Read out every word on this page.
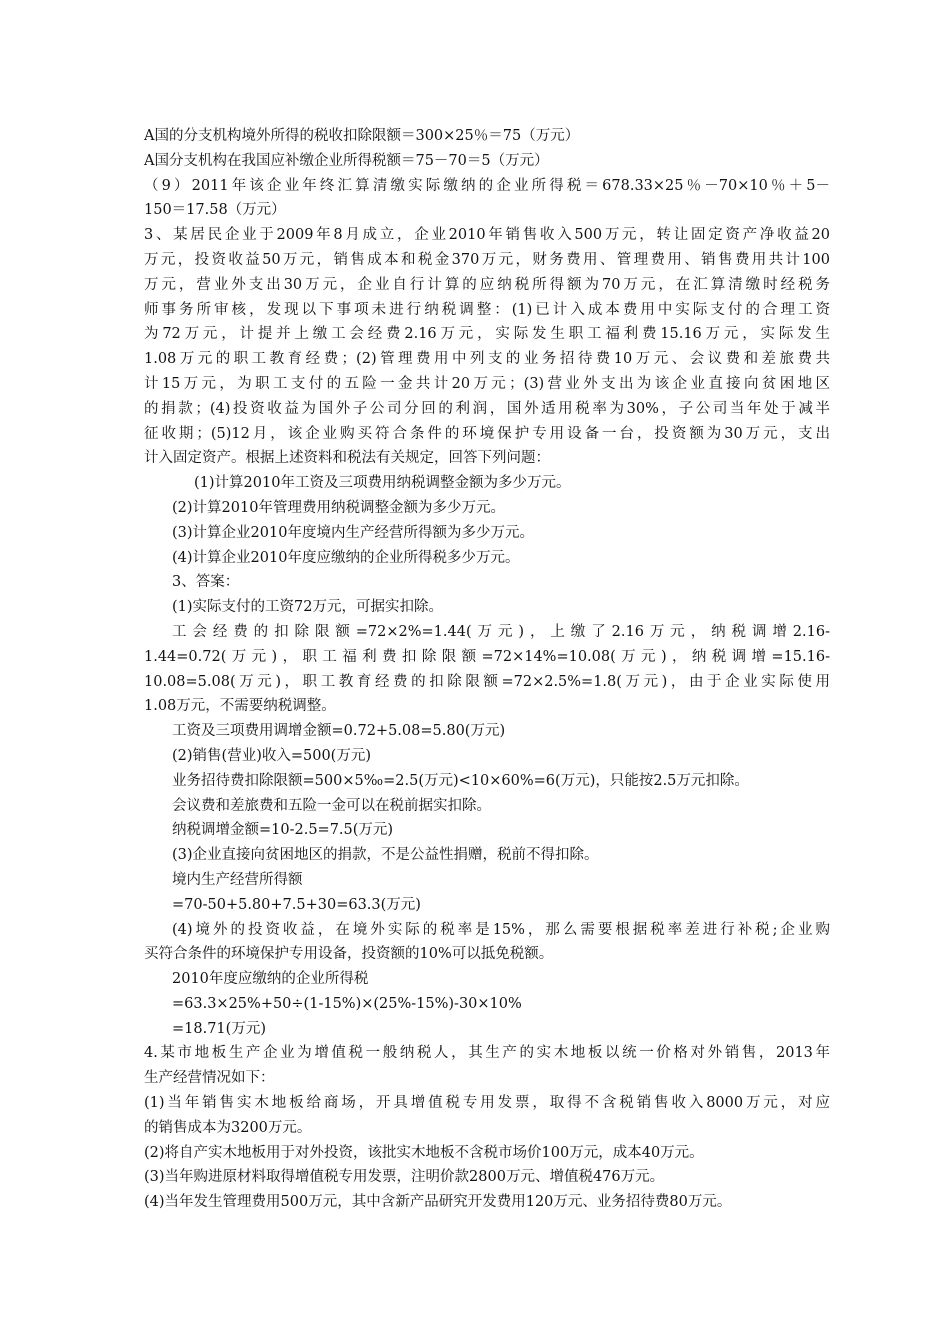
A国的分支机构境外所得的税收扣除限额＝300×25％＝75（万元）
A国分支机构在我国应补缴企业所得税额＝75－70＝5（万元）
（9）2011年该企业年终汇算清缴实际缴纳的企业所得税＝678.33×25％－70×10％＋5－
150＝17.58（万元）
3、某居民企业于2009年8月成立，企业2010年销售收入500万元，转让固定资产净收益20
万元，投资收益50万元，销售成本和税金370万元，财务费用、管理费用、销售费用共计100
万元，营业外支出30万元，企业自行计算的应纳税所得额为70万元，在汇算清缴时经税务
师事务所审核，发现以下事项未进行纳税调整：(1)已计入成本费用中实际支付的合理工资
为72万元，计提并上缴工会经费2.16万元，实际发生职工福利费15.16万元，实际发生
1.08万元的职工教育经费；(2)管理费用中列支的业务招待费10万元、会议费和差旅费共
计15万元，为职工支付的五险一金共计20万元；(3)营业外支出为该企业直接向贫困地区
的捐款；(4)投资收益为国外子公司分回的利润，国外适用税率为30%，子公司当年处于减半
征收期；(5)12月，该企业购买符合条件的环境保护专用设备一台，投资额为30万元，支出
计入固定资产。根据上述资料和税法有关规定，回答下列问题：
(1)计算2010年工资及三项费用纳税调整金额为多少万元。
(2)计算2010年管理费用纳税调整金额为多少万元。
(3)计算企业2010年度境内生产经营所得额为多少万元。
(4)计算企业2010年度应缴纳的企业所得税多少万元。
3、答案：
(1)实际支付的工资72万元，可据实扣除。
工会经费的扣除限额=72×2%=1.44(万元)，上缴了2.16万元，纳税调增2.16-
1.44=0.72(万元)，职工福利费扣除限额=72×14%=10.08(万元)，纳税调增=15.16-
10.08=5.08(万元)，职工教育经费的扣除限额=72×2.5%=1.8(万元)，由于企业实际使用
1.08万元，不需要纳税调整。
工资及三项费用调增金额=0.72+5.08=5.80(万元)
(2)销售(营业)收入=500(万元)
业务招待费扣除限额=500×5‰=2.5(万元)<10×60%=6(万元)，只能按2.5万元扣除。
会议费和差旅费和五险一金可以在税前据实扣除。
纳税调增金额=10-2.5=7.5(万元)
(3)企业直接向贫困地区的捐款，不是公益性捐赠，税前不得扣除。
境内生产经营所得额
=70-50+5.80+7.5+30=63.3(万元)
(4)境外的投资收益，在境外实际的税率是15%，那么需要根据税率差进行补税;企业购
买符合条件的环境保护专用设备，投资额的10%可以抵免税额。
2010年度应缴纳的企业所得税
=63.3×25%+50÷(1-15%)×(25%-15%)-30×10%
=18.71(万元)
4.某市地板生产企业为增值税一般纳税人，其生产的实木地板以统一价格对外销售，2013年
生产经营情况如下：
(1)当年销售实木地板给商场，开具增值税专用发票，取得不含税销售收入8000万元，对应
的销售成本为3200万元。
(2)将自产实木地板用于对外投资，该批实木地板不含税市场价100万元，成本40万元。
(3)当年购进原材料取得增值税专用发票，注明价款2800万元、增值税476万元。
(4)当年发生管理费用500万元，其中含新产品研究开发费用120万元、业务招待费80万元。
